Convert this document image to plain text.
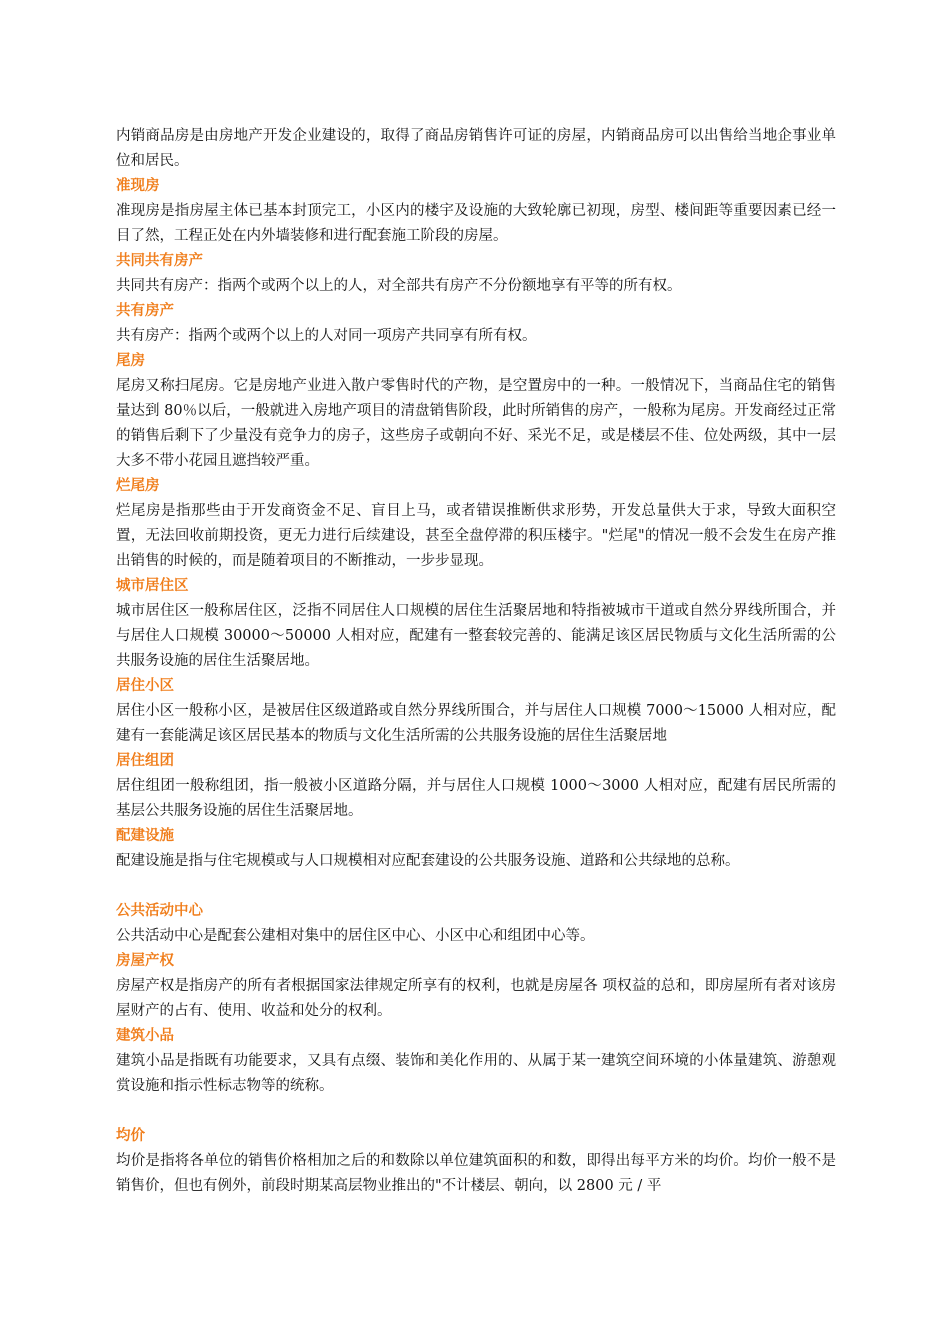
内销商品房是由房地产开发企业建设的，取得了商品房销售许可证的房屋，内销商品房可以出售给当地企事业单位和居民。

准现房

准现房是指房屋主体已基本封顶完工，小区内的楼宇及设施的大致轮廓已初现，房型、楼间距等重要因素已经一目了然，工程正处在内外墙装修和进行配套施工阶段的房屋。

共同共有房产

共同共有房产：指两个或两个以上的人，对全部共有房产不分份额地享有平等的所有权。

共有房产

共有房产：指两个或两个以上的人对同一项房产共同享有所有权。

尾房

尾房又称扫尾房。它是房地产业进入散户零售时代的产物，是空置房中的一种。一般情况下，当商品住宅的销售量达到 80％以后，一般就进入房地产项目的清盘销售阶段，此时所销售的房产，一般称为尾房。开发商经过正常的销售后剩下了少量没有竞争力的房子，这些房子或朝向不好、采光不足，或是楼层不佳、位处两级，其中一层大多不带小花园且遮挡较严重。

烂尾房

烂尾房是指那些由于开发商资金不足、盲目上马，或者错误推断供求形势，开发总量供大于求，导致大面积空置，无法回收前期投资，更无力进行后续建设，甚至全盘停滞的积压楼宇。"烂尾"的情况一般不会发生在房产推出销售的时候的，而是随着项目的不断推动，一步步显现。

城市居住区

城市居住区一般称居住区，泛指不同居住人口规模的居住生活聚居地和特指被城市干道或自然分界线所围合，并与居住人口规模 30000～50000 人相对应，配建有一整套较完善的、能满足该区居民物质与文化生活所需的公共服务设施的居住生活聚居地。

居住小区

居住小区一般称小区，是被居住区级道路或自然分界线所围合，并与居住人口规模 7000～15000 人相对应，配建有一套能满足该区居民基本的物质与文化生活所需的公共服务设施的居住生活聚居地

居住组团

居住组团一般称组团，指一般被小区道路分隔，并与居住人口规模 1000～3000 人相对应，配建有居民所需的基层公共服务设施的居住生活聚居地。

配建设施

配建设施是指与住宅规模或与人口规模相对应配套建设的公共服务设施、道路和公共绿地的总称。

公共活动中心

公共活动中心是配套公建相对集中的居住区中心、小区中心和组团中心等。

房屋产权

房屋产权是指房产的所有者根据国家法律规定所享有的权利，也就是房屋各 项权益的总和，即房屋所有者对该房屋财产的占有、使用、收益和处分的权利。

建筑小品

建筑小品是指既有功能要求，又具有点缀、装饰和美化作用的、从属于某一建筑空间环境的小体量建筑、游憩观赏设施和指示性标志物等的统称。

均价

均价是指将各单位的销售价格相加之后的和数除以单位建筑面积的和数，即得出每平方米的均价。均价一般不是销售价，但也有例外，前段时期某高层物业推出的"不计楼层、朝向，以 2800 元 / 平
